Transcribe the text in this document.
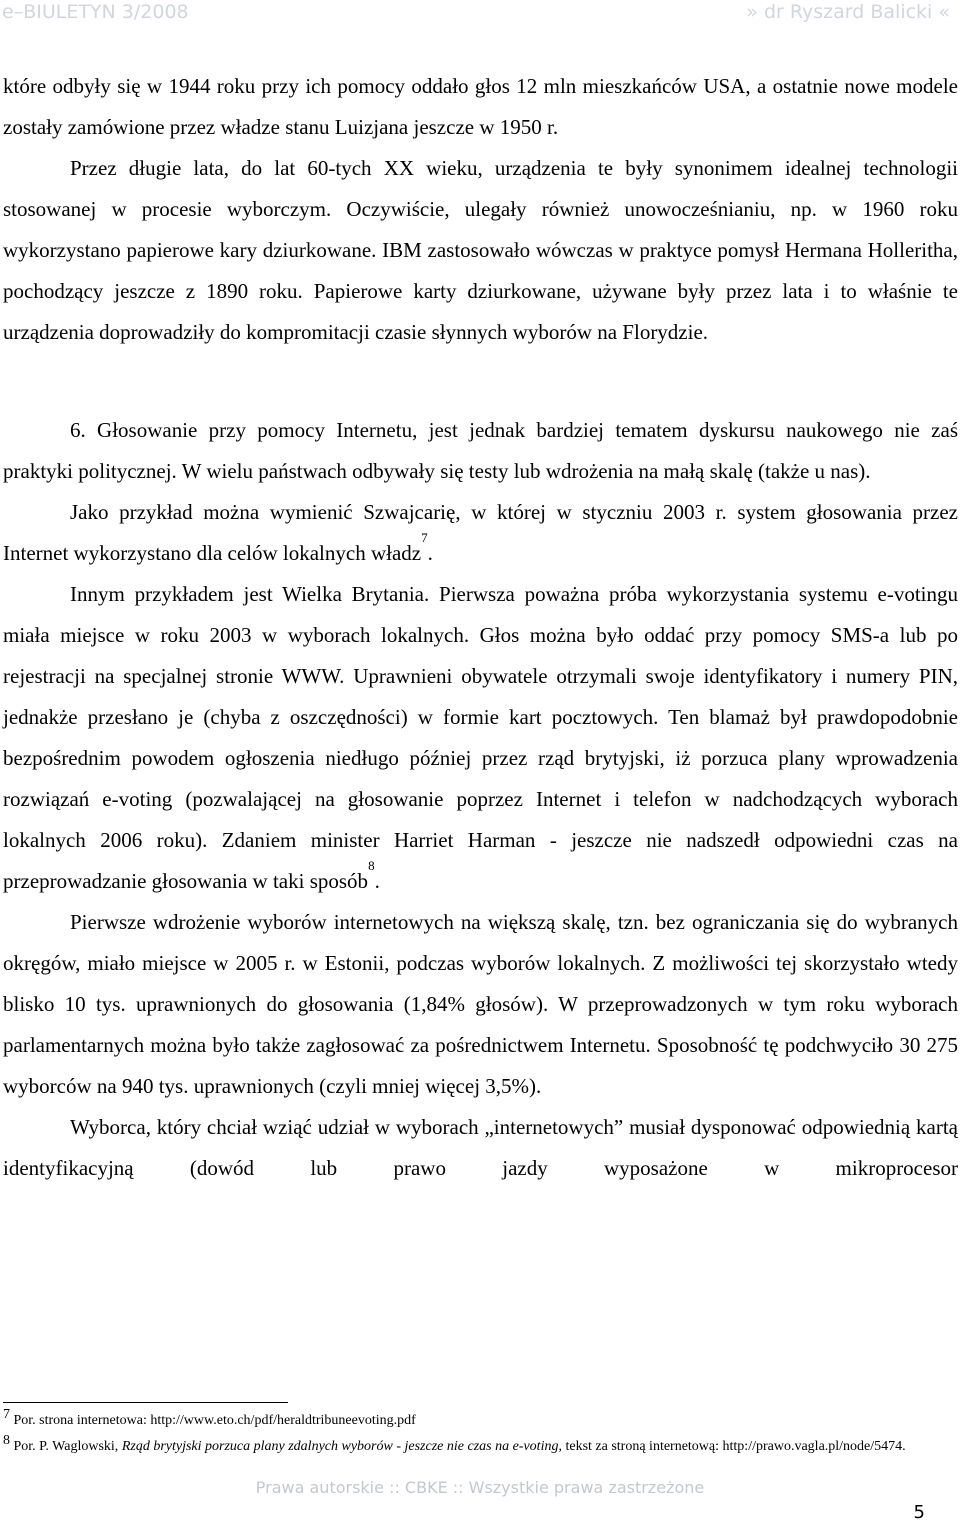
e–BIULETYN 3/2008	» dr Ryszard Balicki «

które odbyły się w 1944 roku przy ich pomocy oddało głos 12 mln mieszkańców USA, a ostatnie nowe modele zostały zamówione przez władze stanu Luizjana jeszcze w 1950 r.

Przez długie lata, do lat 60-tych XX wieku, urządzenia te były synonimem idealnej technologii stosowanej w procesie wyborczym. Oczywiście, ulegały również unowocześnianiu, np. w 1960 roku wykorzystano papierowe kary dziurkowane. IBM zastosowało wówczas w praktyce pomysł Hermana Holleritha, pochodzący jeszcze z 1890 roku. Papierowe karty dziurkowane, używane były przez lata i to właśnie te urządzenia doprowadziły do kompromitacji czasie słynnych wyborów na Florydzie.

6. Głosowanie przy pomocy Internetu, jest jednak bardziej tematem dyskursu naukowego nie zaś praktyki politycznej. W wielu państwach odbywały się testy lub wdrożenia na małą skalę (także u nas).

Jako przykład można wymienić Szwajcarię, w której w styczniu 2003 r. system głosowania przez Internet wykorzystano dla celów lokalnych władz$^7$.

Innym przykładem jest Wielka Brytania. Pierwsza poważna próba wykorzystania systemu e-votingu miała miejsce w roku 2003 w wyborach lokalnych. Głos można było oddać przy pomocy SMS-a lub po rejestracji na specjalnej stronie WWW. Uprawnieni obywatele otrzymali swoje identyfikatory i numery PIN, jednakże przesłano je (chyba z oszczędności) w formie kart pocztowych. Ten blamaż był prawdopodobnie bezpośrednim powodem ogłoszenia niedługo później przez rząd brytyjski, iż porzuca plany wprowadzenia rozwiązań e-voting (pozwalającej na głosowanie poprzez Internet i telefon w nadchodzących wyborach lokalnych 2006 roku). Zdaniem minister Harriet Harman - jeszcze nie nadszedł odpowiedni czas na przeprowadzanie głosowania w taki sposób$^8$.

Pierwsze wdrożenie wyborów internetowych na większą skalę, tzn. bez ograniczania się do wybranych okręgów, miało miejsce w 2005 r. w Estonii, podczas wyborów lokalnych. Z możliwości tej skorzystało wtedy blisko 10 tys. uprawnionych do głosowania (1,84% głosów). W przeprowadzonych w tym roku wyborach parlamentarnych można było także zagłosować za pośrednictwem Internetu. Sposobność tę podchwyciło 30 275 wyborców na 940 tys. uprawnionych (czyli mniej więcej 3,5%).

Wyborca, który chciał wziąć udział w wyborach „internetowych” musiał dysponować odpowiednią kartą identyfikacyjną (dowód lub prawo jazdy wyposażone w mikroprocesor

$^7$ Por. strona internetowa: http://www.eto.ch/pdf/heraldtribuneevoting.pdf
$^8$ Por. P. Waglowski, Rząd brytyjski porzuca plany zdalnych wyborów - jeszcze nie czas na e-voting, tekst za stroną internetową: http://prawo.vagla.pl/node/5474.
Prawa autorskie :: CBKE :: Wszystkie prawa zastrzeżone
5
